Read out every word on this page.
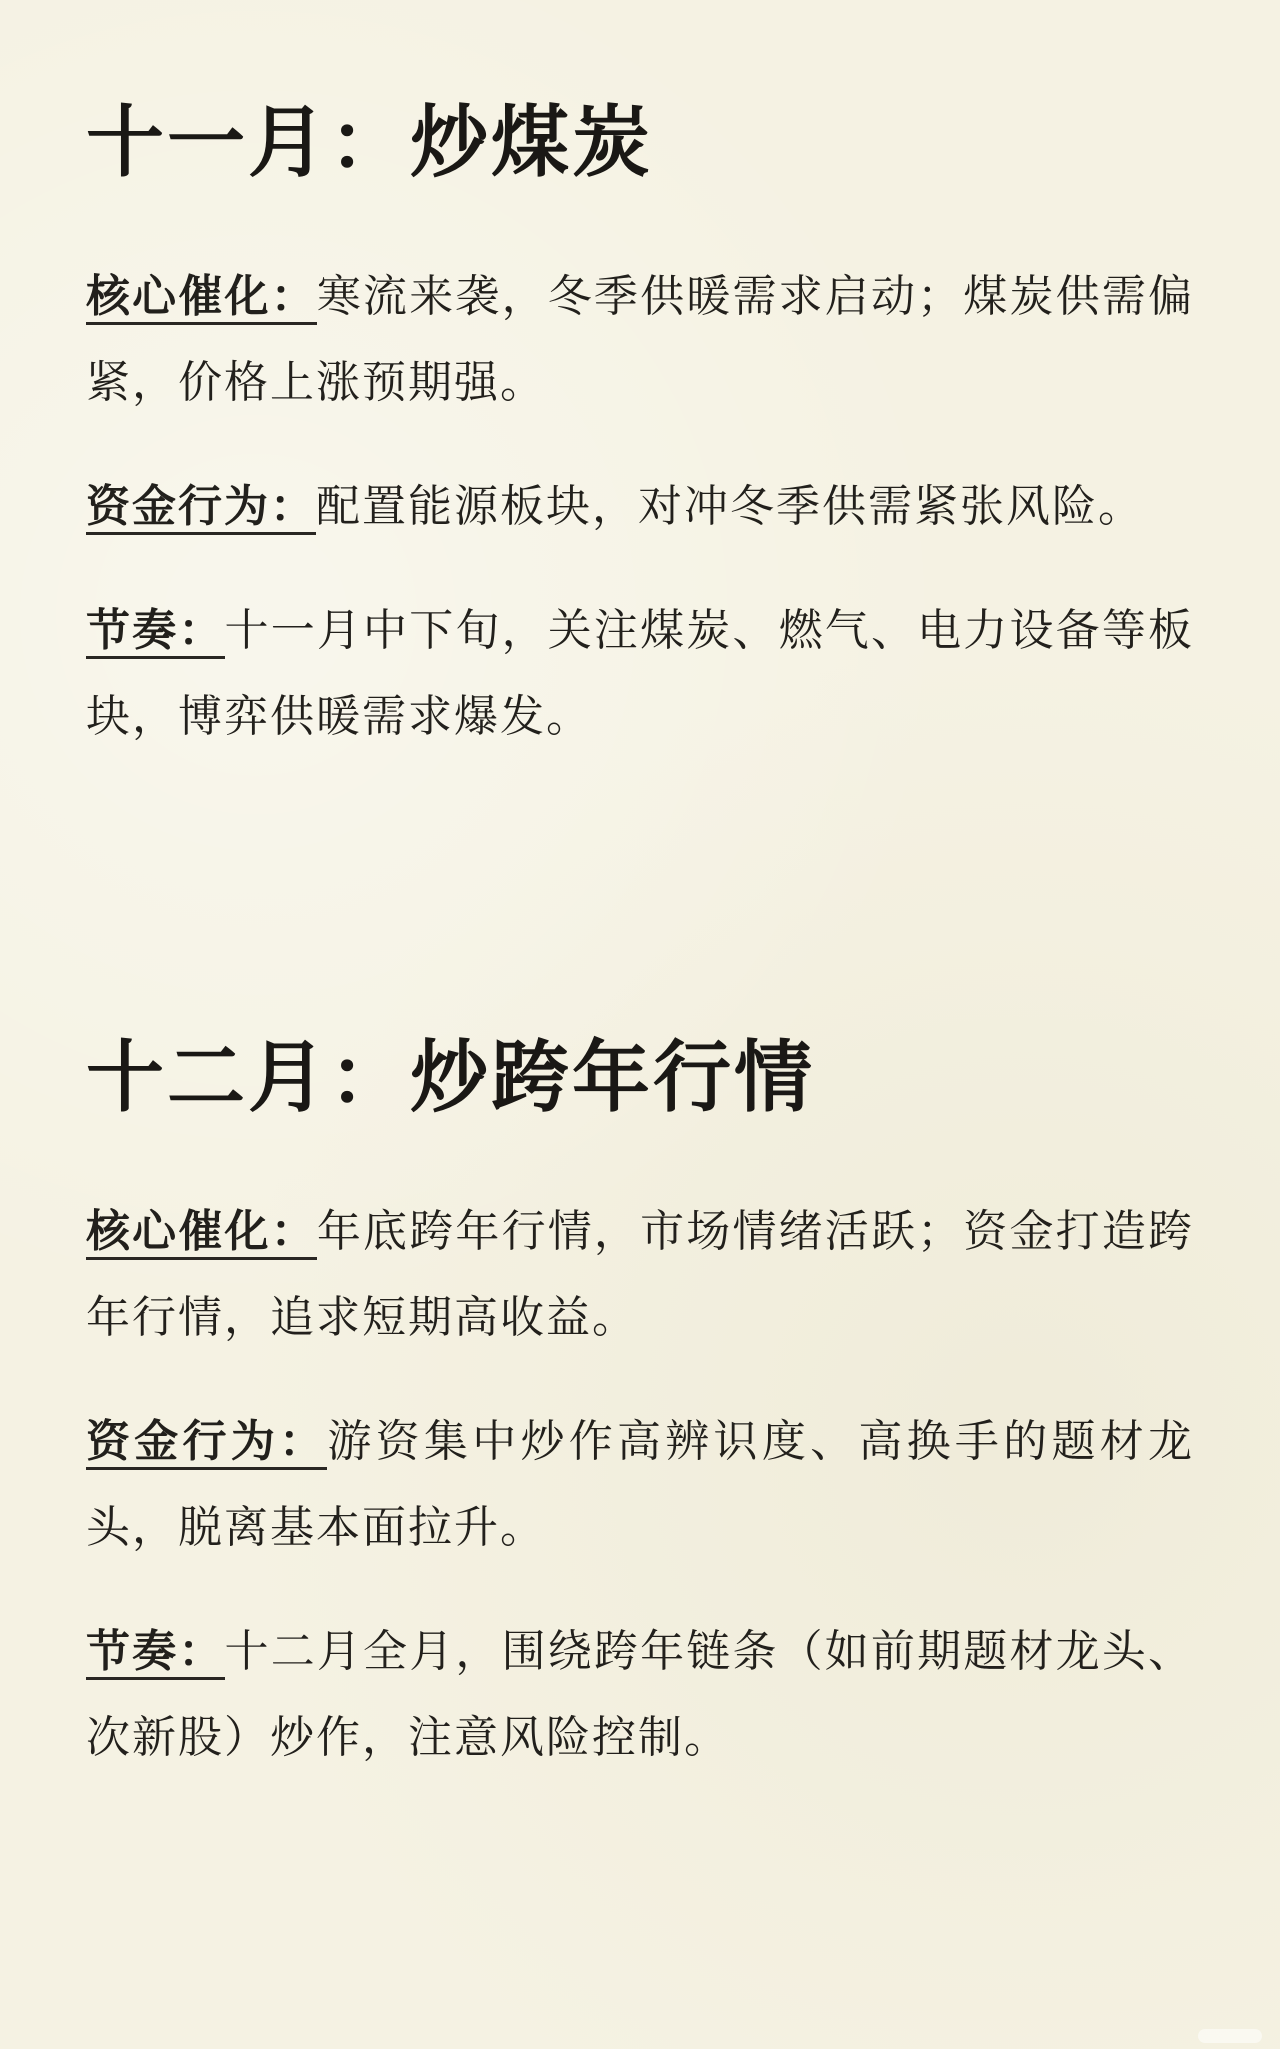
十一月：炒煤炭

核心催化：寒流来袭，冬季供暖需求启动；煤炭供需偏紧，价格上涨预期强。

资金行为：配置能源板块，对冲冬季供需紧张风险。

节奏：十一月中下旬，关注煤炭、燃气、电力设备等板块，博弈供暖需求爆发。

十二月：炒跨年行情

核心催化：年底跨年行情，市场情绪活跃；资金打造跨年行情，追求短期高收益。

资金行为：游资集中炒作高辨识度、高换手的题材龙头，脱离基本面拉升。

节奏：十二月全月，围绕跨年链条（如前期题材龙头、次新股）炒作，注意风险控制。
